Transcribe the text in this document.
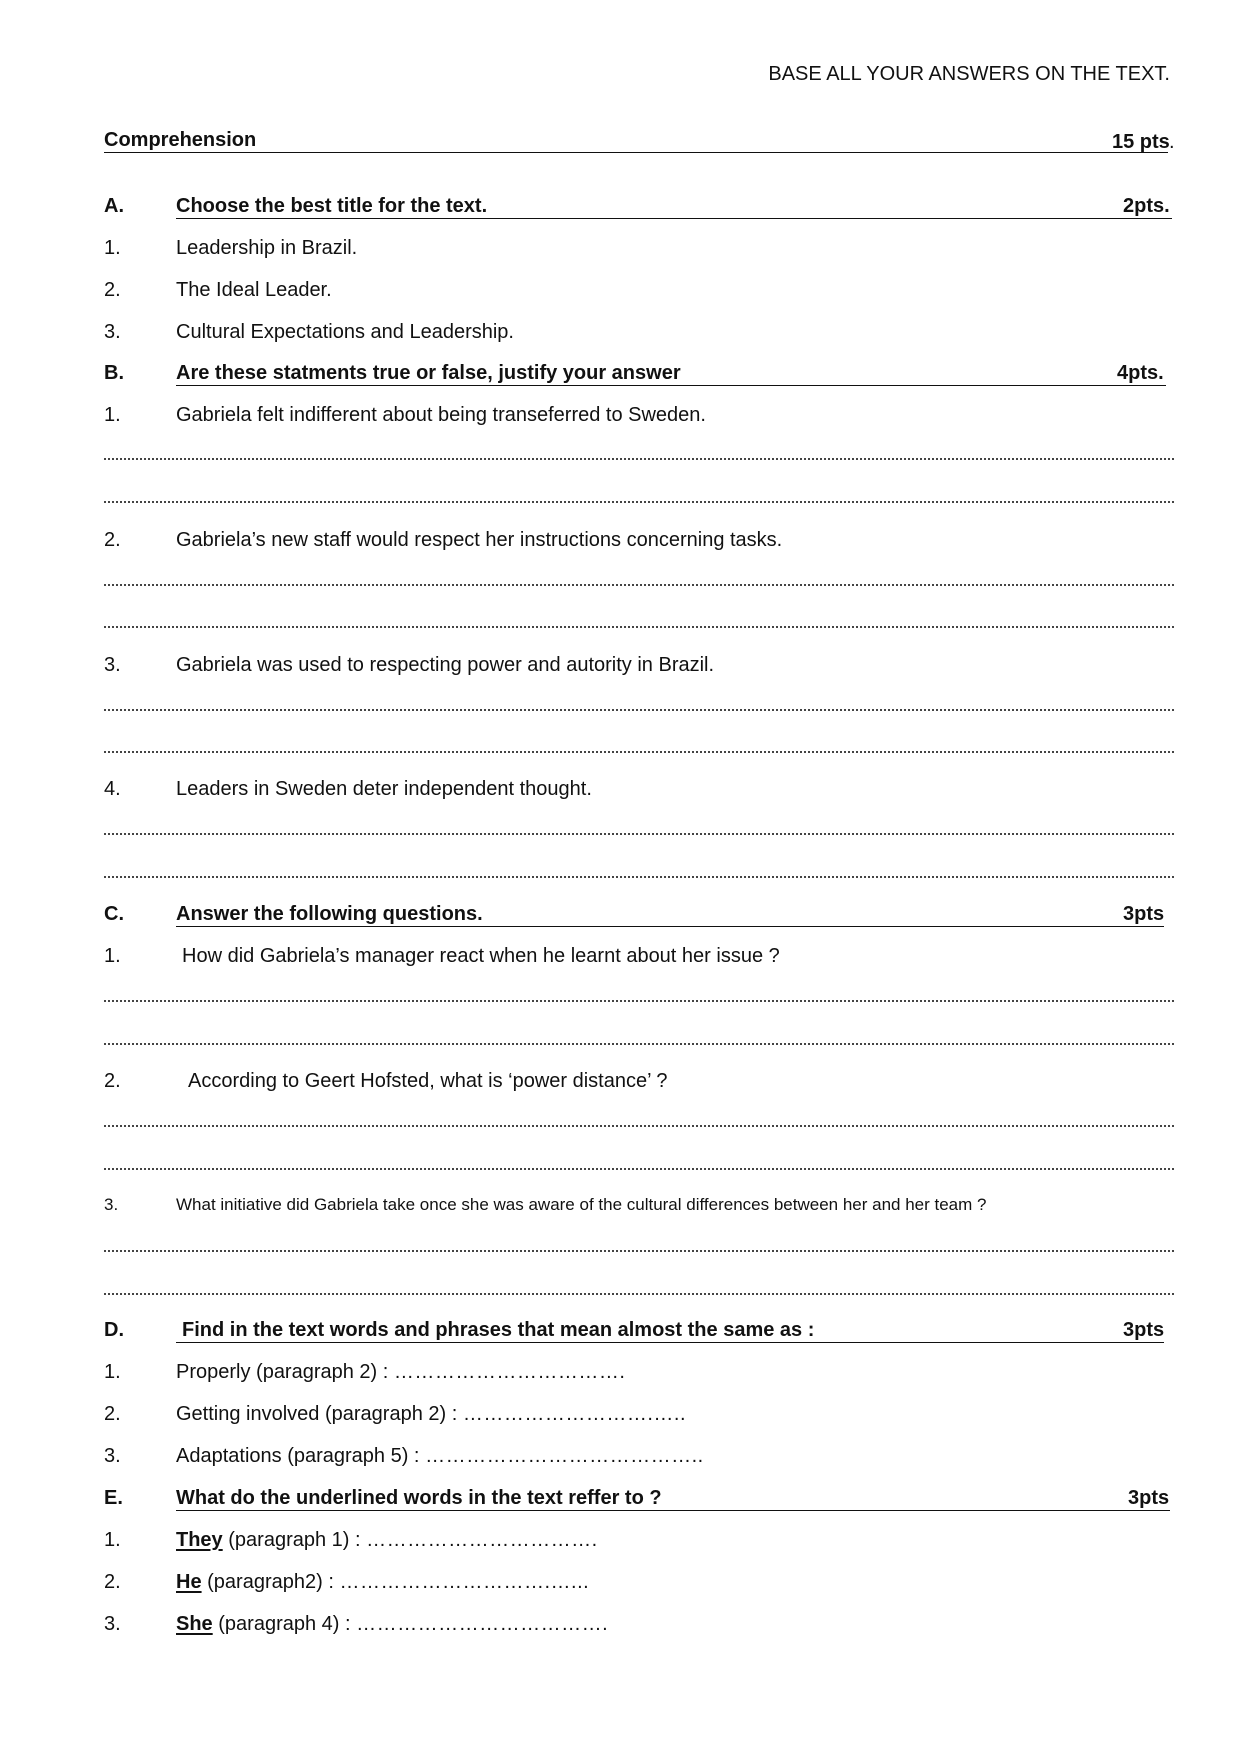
BASE ALL YOUR ANSWERS ON THE TEXT.
Comprehension	15 pts .
A.	Choose the best title for the text.	2pts.
1.	Leadership in Brazil.
2.	The Ideal Leader.
3.	Cultural Expectations and Leadership.
B.	Are these statments true or false, justify your answer	4pts.
1.	Gabriela felt indifferent about being transeferred to Sweden.
2.	Gabriela’s new staff would respect her instructions concerning tasks.
3.	Gabriela was used to respecting power and autority in Brazil.
4.	Leaders in Sweden deter independent thought.
C.	Answer the following questions.	3pts
1.	How did Gabriela’s manager react when he learnt about her issue ?
2.	According to Geert Hofsted, what is ‘power distance’ ?
3.	What initiative did Gabriela take once she was aware of the cultural differences between her and her team ?
D.	Find in the text words and phrases that mean almost the same as :	3pts
1.	Properly (paragraph 2) : …………………………….
2.	Getting involved (paragraph 2) : ……………………….…..
3.	Adaptations (paragraph 5) : …………………………………..
E.	What do the underlined words in the text reffer to ?	3pts
1.	They (paragraph 1) : …………………………….
2.	He (paragraph2) : ………………………….…...
3.	She (paragraph 4) : ……………………………….
